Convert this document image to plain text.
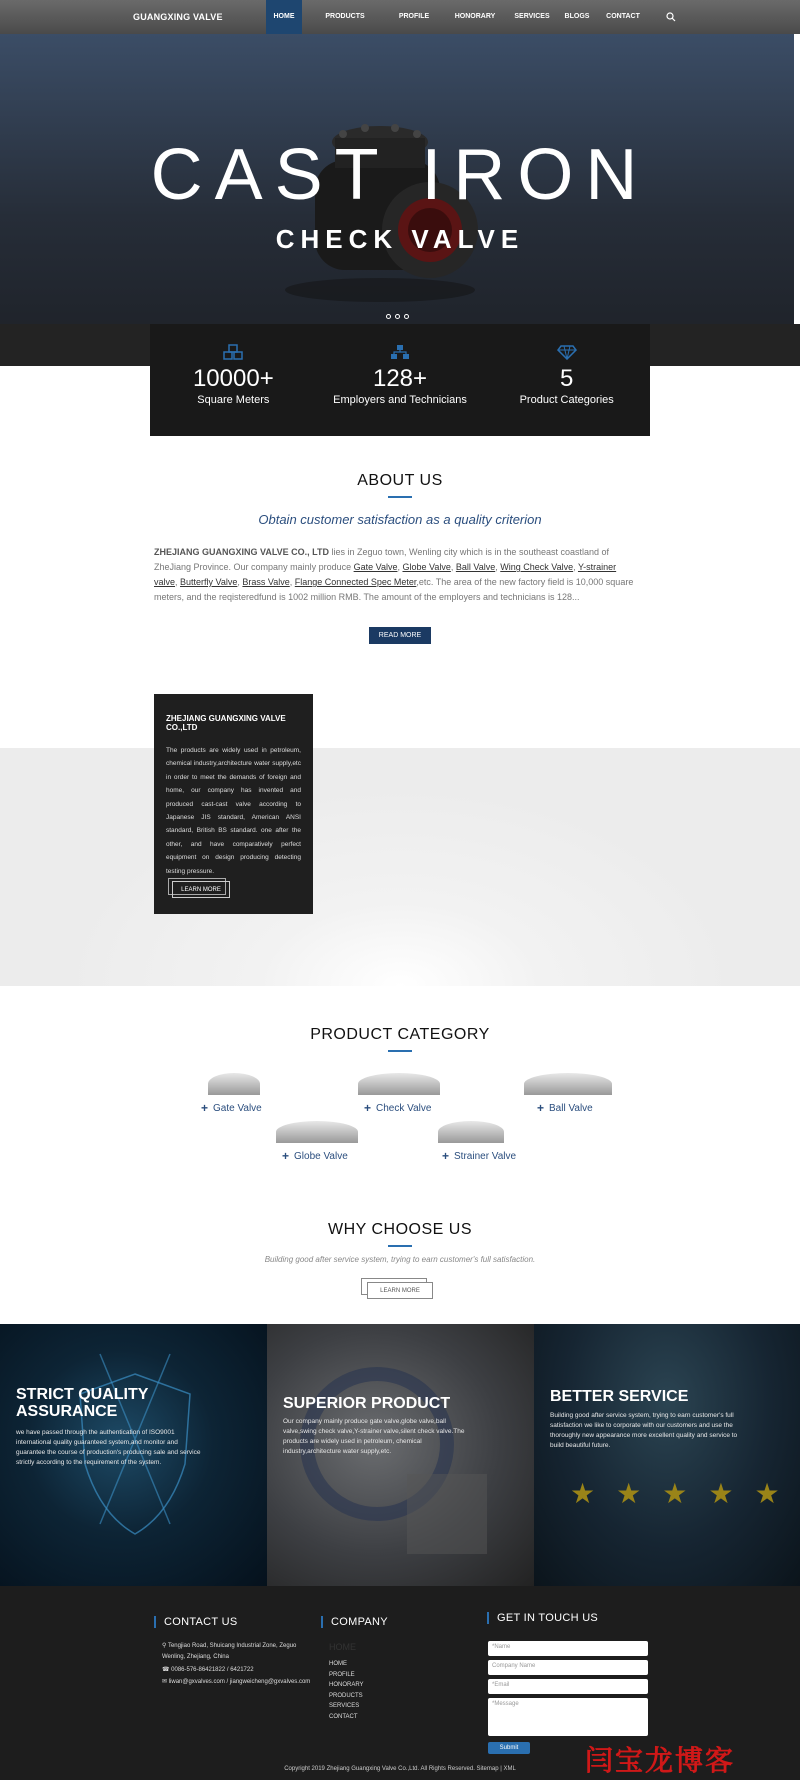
GUANGXING VALVE	HOME	PRODUCTS	PROFILE	HONORARY	SERVICES	BLOGS	CONTACT
CAST IRON
CHECK VALVE
10000+
Square Meters
128+
Employers and Technicians
5
Product Categories
ABOUT US
Obtain customer satisfaction as a quality criterion
ZHEJIANG GUANGXING VALVE CO., LTD lies in Zeguo town, Wenling city which is in the southeast coastland of ZheJiang Province. Our company mainly produce Gate Valve, Globe Valve, Ball Valve, Wing Check Valve, Y-strainer valve, Butterfly Valve, Brass Valve, Flange Connected Spec Meter,etc. The area of the new factory field is 10,000 square meters, and the reqisteredfund is 1002 million RMB. The amount of the employers and technicians is 128...
READ MORE
ZHEJIANG GUANGXING VALVE CO.,LTD
The products are widely used in petroleum, chemical industry,architecture water supply,etc in order to meet the demands of foreign and home, our company has invented and produced cast-cast valve according to Japanese JIS standard, American ANSI standard, British BS standard. one after the other, and have comparatively perfect equipment on design producing detecting testing pressure.
LEARN MORE
PRODUCT CATEGORY
+ Gate Valve	+ Check Valve	+ Ball Valve
+ Globe Valve	+ Strainer Valve
WHY CHOOSE US
Building good after service system, trying to earn customer's full satisfaction.
LEARN MORE
STRICT QUALITY ASSURANCE
we have passed through the authentication of ISO9001 international quality guaranteed system,and monitor and guarantee the course of production's producing sale and service strictly according to the requirement of the system.
SUPERIOR PRODUCT
Our company mainly produce gate valve,globe valve,ball valve,swing check valve,Y-strainer valve,silent check valve.The products are widely used in petroleum, chemical industry,architecture water supply,etc.
BETTER SERVICE
Building good after service system, trying to earn customer's full satisfaction we like to corporate with our customers and use the thoroughly new appearance more excellent quality and service to build beautiful future.
★ ★ ★ ★ ★
CONTACT US
⚲ Tengjiao Road, Shuicang Industrial Zone, Zeguo Wenling, Zhejiang, China
☎ 0086-576-86421822 / 6421722
✉ liwan@gxvalves.com / jiangweicheng@gxvalves.com
COMPANY
HOME
HOME
PROFILE
HONORARY
PRODUCTS
SERVICES
CONTACT
GET IN TOUCH US
*Name
Company Name
*Email
*Message
Submit
Copyright 2019 Zhejiang Guangxing Valve Co.,Ltd. All Rights Reserved. Sitemap | XML	闫宝龙博客
